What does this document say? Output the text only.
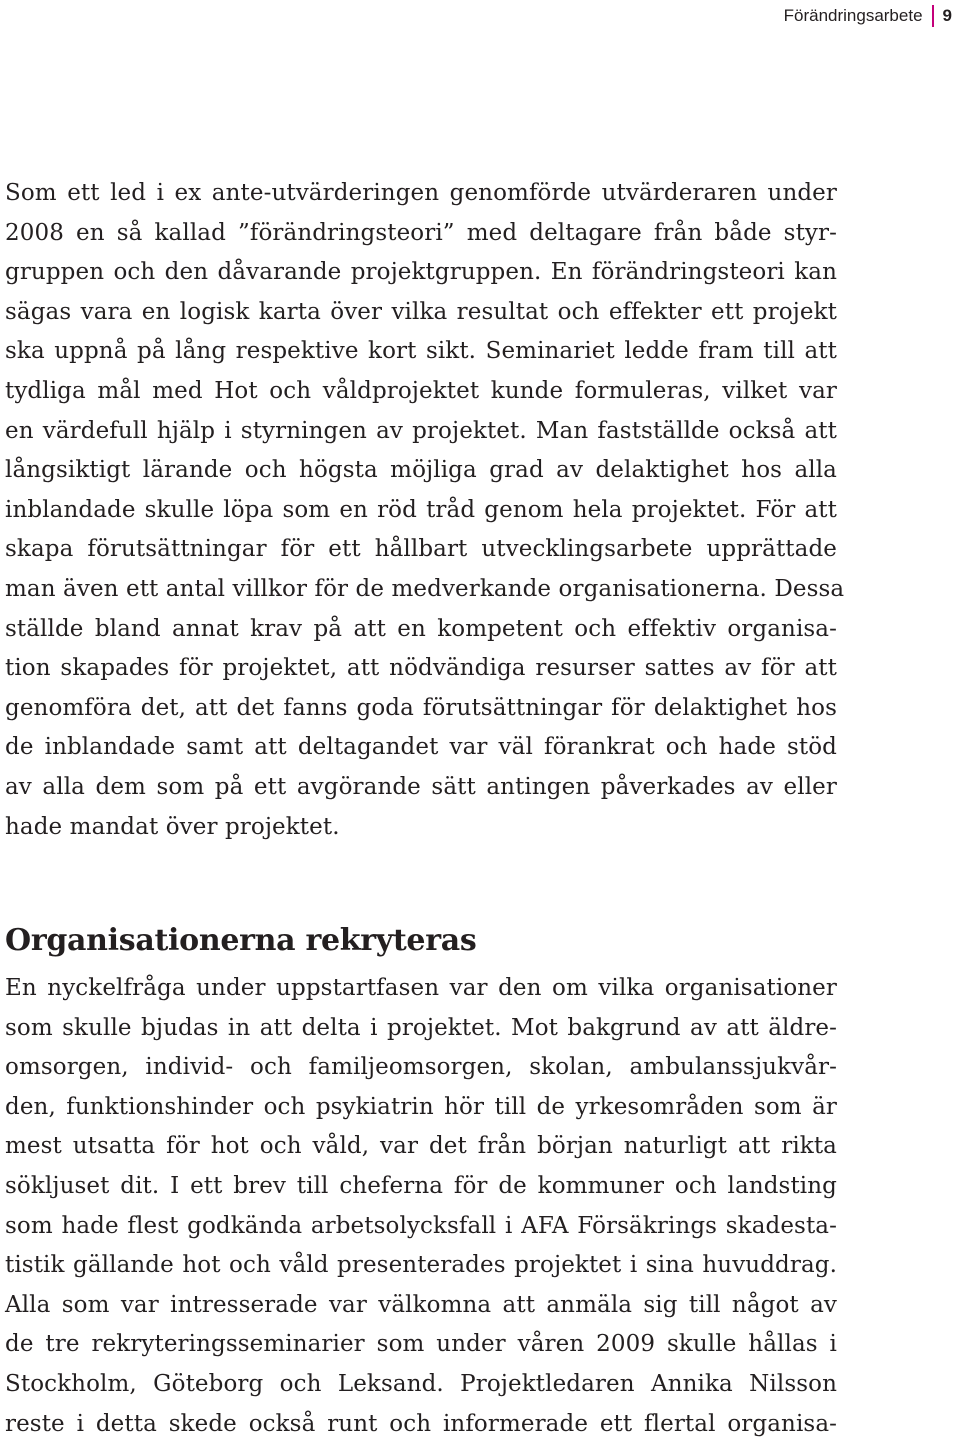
Förändringsarbete 9
Som ett led i ex ante-utvärderingen genomförde utvärderaren under
2008 en så kallad ”förändringsteori” med deltagare från både styr-
gruppen och den dåvarande projektgruppen. En förändringsteori kan
sägas vara en logisk karta över vilka resultat och effekter ett projekt
ska uppnå på lång respektive kort sikt. Seminariet ledde fram till att
tydliga mål med Hot och våldprojektet kunde formuleras, vilket var
en värdefull hjälp i styrningen av projektet. Man fastställde också att
långsiktigt lärande och högsta möjliga grad av delaktighet hos alla
inblandade skulle löpa som en röd tråd genom hela projektet. För att
skapa förutsättningar för ett hållbart utvecklingsarbete upprättade
man även ett antal villkor för de medverkande organisationerna. Dessa
ställde bland annat krav på att en kompetent och effektiv organisa-
tion skapades för projektet, att nödvändiga resurser sattes av för att
genomföra det, att det fanns goda förutsättningar för delaktighet hos
de inblandade samt att deltagandet var väl förankrat och hade stöd
av alla dem som på ett avgörande sätt antingen påverkades av eller
hade mandat över projektet.
Organisationerna rekryteras
En nyckelfråga under uppstartfasen var den om vilka organisationer
som skulle bjudas in att delta i projektet. Mot bakgrund av att äldre-
omsorgen, individ- och familjeomsorgen, skolan, ambulanssjukvår-
den, funktionshinder och psykiatrin hör till de yrkesområden som är
mest utsatta för hot och våld, var det från början naturligt att rikta
sökljuset dit. I ett brev till cheferna för de kommuner och landsting
som hade flest godkända arbetsolycksfall i AFA Försäkrings skadesta-
tistik gällande hot och våld presenterades projektet i sina huvuddrag.
Alla som var intresserade var välkomna att anmäla sig till något av
de tre rekryteringsseminarier som under våren 2009 skulle hållas i
Stockholm, Göteborg och Leksand. Projektledaren Annika Nilsson
reste i detta skede också runt och informerade ett flertal organisa-
